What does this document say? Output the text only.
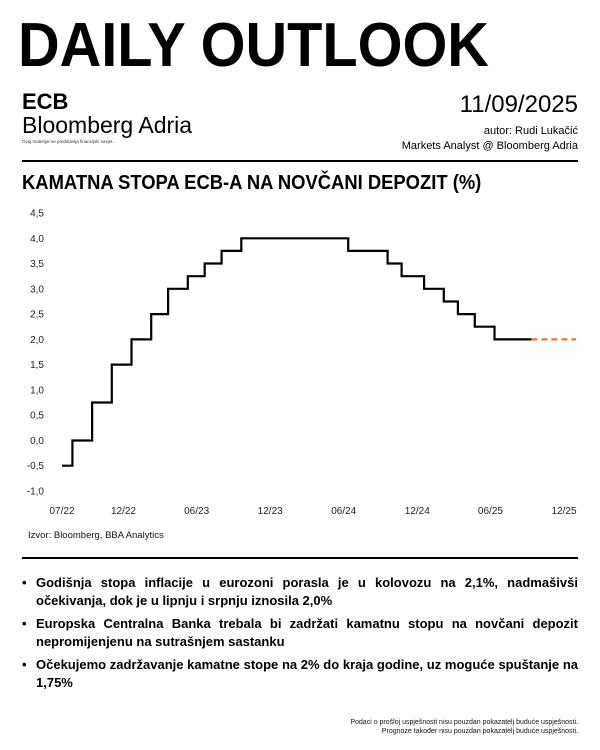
DAILY OUTLOOK
ECB
Bloomberg Adria
Ovaj materijal ne predstavlja financijski savjet.
11/09/2025
autor: Rudi Lukačić
Markets Analyst @ Bloomberg Adria
KAMATNA STOPA ECB-A NA NOVČANI DEPOZIT (%)
4,5
4,0
3,5
3,0
2,5
2,0
1,5
1,0
0,5
0,0
-0,5
-1,0
07/22	12/22	06/23	12/23	06/24	12/24	06/25	12/25
Izvor: Bloomberg, BBA Analytics
• Godišnja stopa inflacije u eurozoni porasla je u kolovozu na 2,1%, nadmašivši očekivanja, dok je u lipnju i srpnju iznosila 2,0%
• Europska Centralna Banka trebala bi zadržati kamatnu stopu na novčani depozit nepromijenjenu na sutrašnjem sastanku
• Očekujemo zadržavanje kamatne stope na 2% do kraja godine, uz moguće spuštanje na 1,75%
Podaci o prošloj uspješnosti nisu pouzdan pokazatelj buduće uspješnosti.
Prognoze također nisu pouzdan pokazatelj buduće uspješnosti.
